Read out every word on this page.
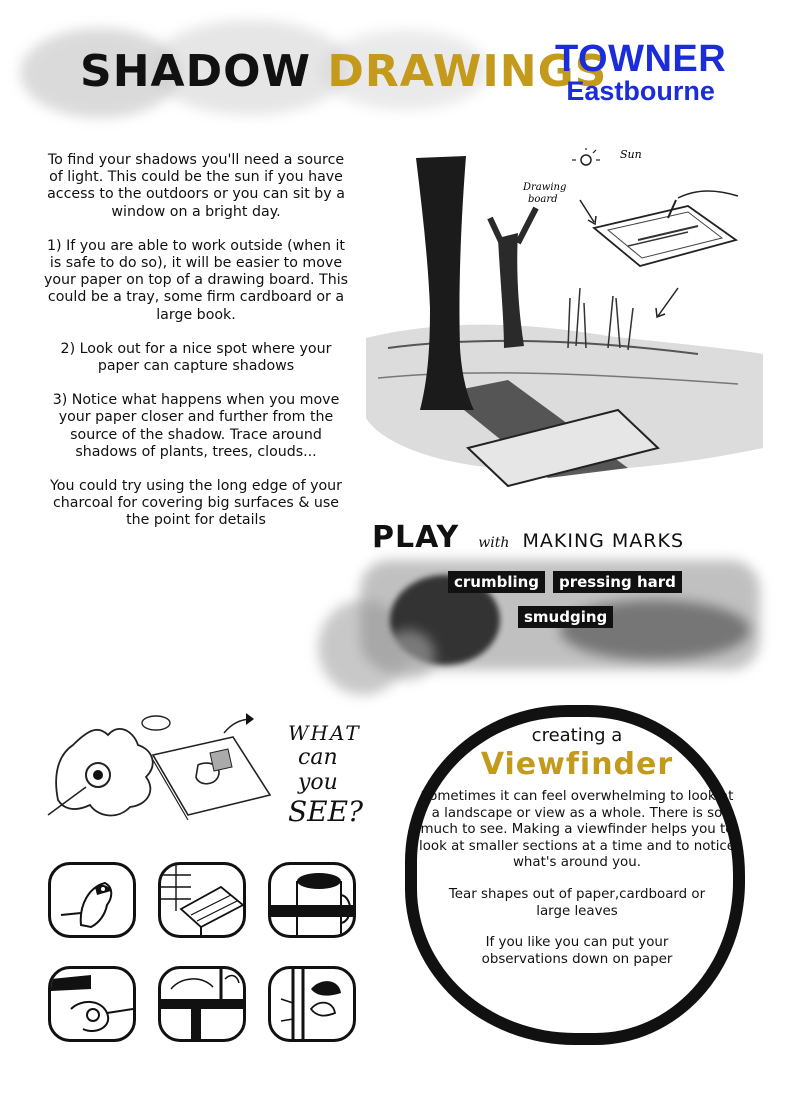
SHADOW DRAWINGS
TOWNER
Eastbourne

To find your shadows you'll need a source of light. This could be the sun if you have access to the outdoors or you can sit by a window on a bright day.

1) If you are able to work outside (when it is safe to do so), it will be easier to move your paper on top of a drawing board. This could be a tray, some firm cardboard or a large book.

2) Look out for a nice spot where your paper can capture shadows

3) Notice what happens when you move your paper closer and further from the source of the shadow. Trace around shadows of plants, trees, clouds...

You could try using the long edge of your charcoal for covering big surfaces & use the point for details

Sun
Drawing
board
PLAY with MAKING MARKS
crumbling	pressing hard
smudging
WHAT
can
you
SEE?
creating a
Viewfinder

Sometimes it can feel overwhelming to look at a landscape or view as a whole. There is so much to see. Making a viewfinder helps you to look at smaller sections at a time and to notice what's around you.

Tear shapes out of paper,cardboard or large leaves

If you like you can put your observations down on paper
